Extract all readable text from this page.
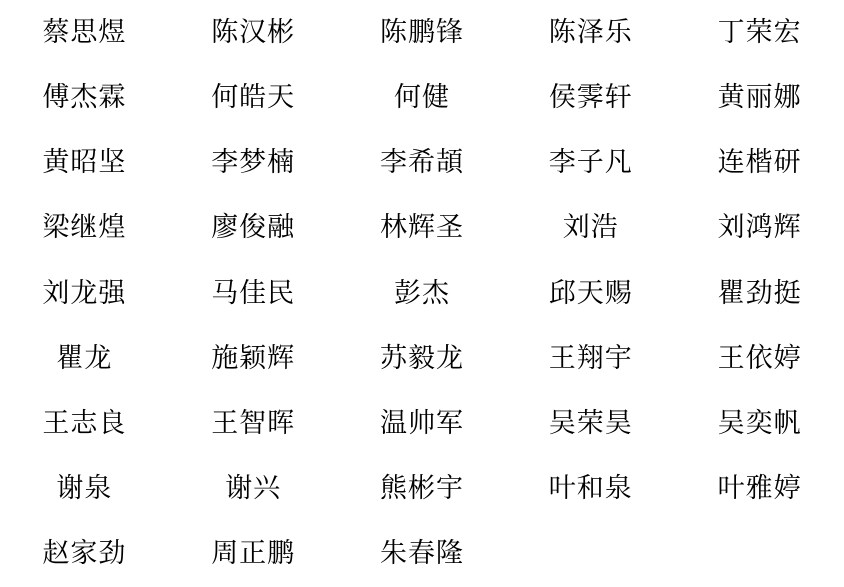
蔡思煜	陈汉彬	陈鹏锋	陈泽乐	丁荣宏
傅杰霖	何皓天	何健	侯霁轩	黄丽娜
黄昭坚	李梦楠	李希頡	李子凡	连楷研
梁继煌	廖俊融	林辉圣	刘浩	刘鸿辉
刘龙强	马佳民	彭杰	邱天赐	瞿劲挺
瞿龙	施颖辉	苏毅龙	王翔宇	王依婷
王志良	王智晖	温帅军	吴荣昊	吴奕帆
谢泉	谢兴	熊彬宇	叶和泉	叶雅婷
赵家劲	周正鹏	朱春隆
